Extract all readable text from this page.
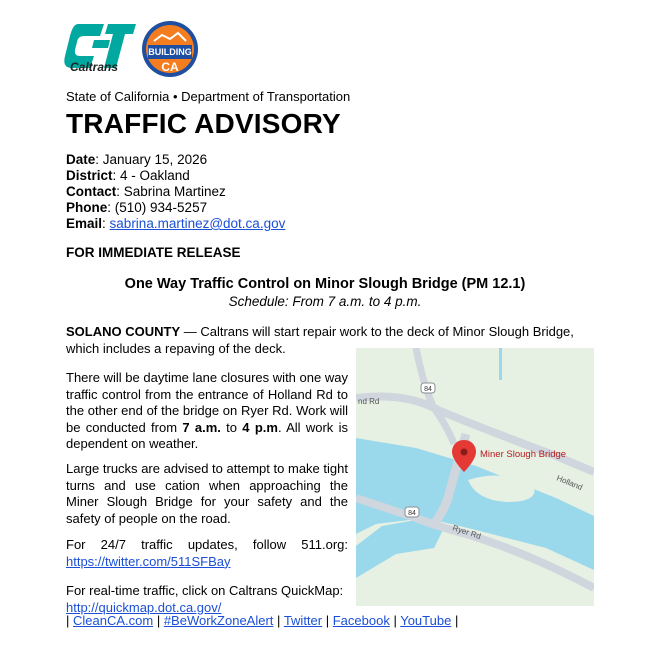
Caltrans
BUILDING
CA
State of California • Department of Transportation
TRAFFIC ADVISORY
Date: January 15, 2026
District: 4 - Oakland
Contact: Sabrina Martinez
Phone: (510) 934-5257
Email: sabrina.martinez@dot.ca.gov
FOR IMMEDIATE RELEASE
One Way Traffic Control on Minor Slough Bridge (PM 12.1)
Schedule: From 7 a.m. to 4 p.m.
SOLANO COUNTY — Caltrans will start repair work to the deck of Minor Slough Bridge, which includes a repaving of the deck.
There will be daytime lane closures with one way traffic control from the entrance of Holland Rd to the other end of the bridge on Ryer Rd. Work will be conducted from 7 a.m. to 4 p.m. All work is dependent on weather.
Large trucks are advised to attempt to make tight turns and use cation when approaching the Miner Slough Bridge for your safety and the safety of people on the road.
For 24/7 traffic updates, follow 511.org: https://twitter.com/511SFBay
For real-time traffic, click on Caltrans QuickMap: http://quickmap.dot.ca.gov/
| CleanCA.com | #BeWorkZoneAlert | Twitter | Facebook | YouTube |
84
84
nd Rd
Holland
Ryer Rd
Miner Slough Bridge
